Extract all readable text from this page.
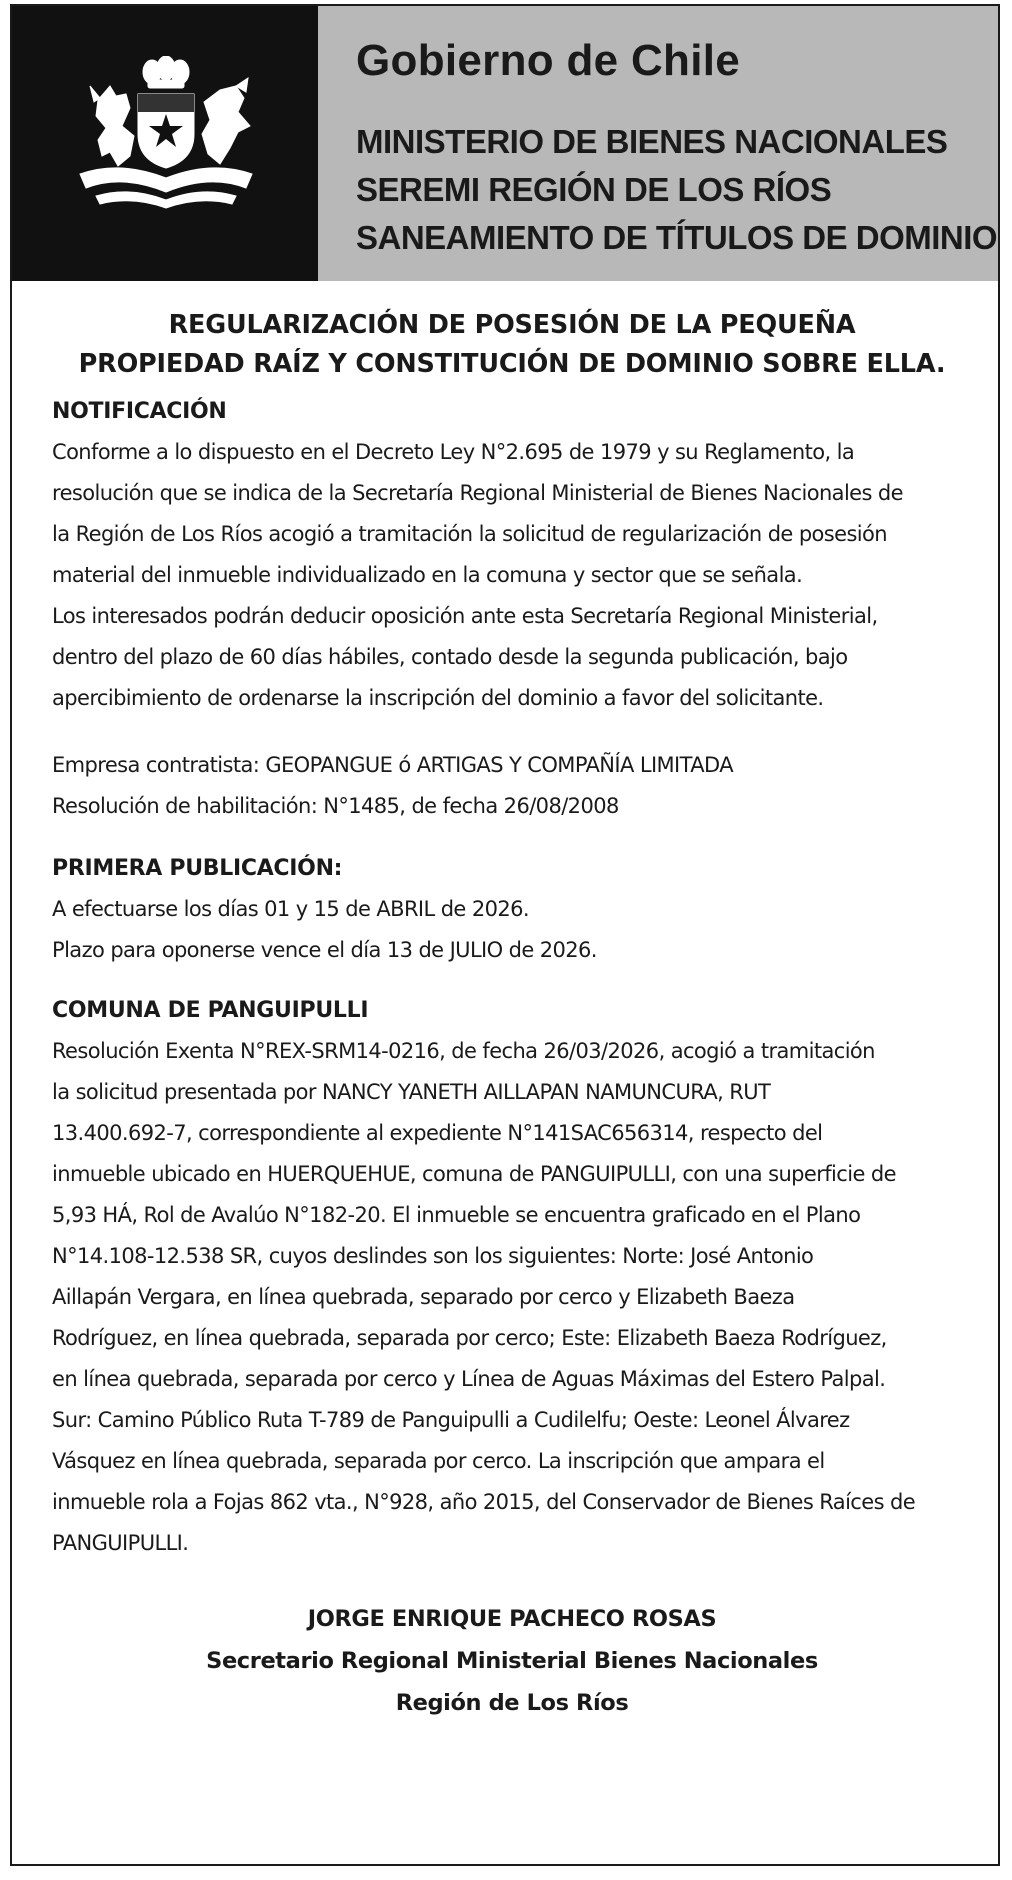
Gobierno de Chile
MINISTERIO DE BIENES NACIONALES
SEREMI REGIÓN DE LOS RÍOS
SANEAMIENTO DE TÍTULOS DE DOMINIO
REGULARIZACIÓN DE POSESIÓN DE LA PEQUEÑA
PROPIEDAD RAÍZ Y CONSTITUCIÓN DE DOMINIO SOBRE ELLA.
NOTIFICACIÓN
Conforme a lo dispuesto en el Decreto Ley N°2.695 de 1979 y su Reglamento, la
resolución que se indica de la Secretaría Regional Ministerial de Bienes Nacionales de
la Región de Los Ríos acogió a tramitación la solicitud de regularización de posesión
material del inmueble individualizado en la comuna y sector que se señala.
Los interesados podrán deducir oposición ante esta Secretaría Regional Ministerial,
dentro del plazo de 60 días hábiles, contado desde la segunda publicación, bajo
apercibimiento de ordenarse la inscripción del dominio a favor del solicitante.
Empresa contratista: GEOPANGUE ó ARTIGAS Y COMPAÑÍA LIMITADA
Resolución de habilitación: N°1485, de fecha 26/08/2008
PRIMERA PUBLICACIÓN:
A efectuarse los días 01 y 15 de ABRIL de 2026.
Plazo para oponerse vence el día 13 de JULIO de 2026.
COMUNA DE PANGUIPULLI
Resolución Exenta N°REX-SRM14-0216, de fecha 26/03/2026, acogió a tramitación
la solicitud presentada por NANCY YANETH AILLAPAN NAMUNCURA, RUT
13.400.692-7, correspondiente al expediente N°141SAC656314, respecto del
inmueble ubicado en HUERQUEHUE, comuna de PANGUIPULLI, con una superficie de
5,93 HÁ, Rol de Avalúo N°182-20. El inmueble se encuentra graficado en el Plano
N°14.108-12.538 SR, cuyos deslindes son los siguientes: Norte: José Antonio
Aillapán Vergara, en línea quebrada, separado por cerco y Elizabeth Baeza
Rodríguez, en línea quebrada, separada por cerco; Este: Elizabeth Baeza Rodríguez,
en línea quebrada, separada por cerco y Línea de Aguas Máximas del Estero Palpal.
Sur: Camino Público Ruta T-789 de Panguipulli a Cudilelfu; Oeste: Leonel Álvarez
Vásquez en línea quebrada, separada por cerco. La inscripción que ampara el
inmueble rola a Fojas 862 vta., N°928, año 2015, del Conservador de Bienes Raíces de
PANGUIPULLI.
JORGE ENRIQUE PACHECO ROSAS
Secretario Regional Ministerial Bienes Nacionales
Región de Los Ríos
